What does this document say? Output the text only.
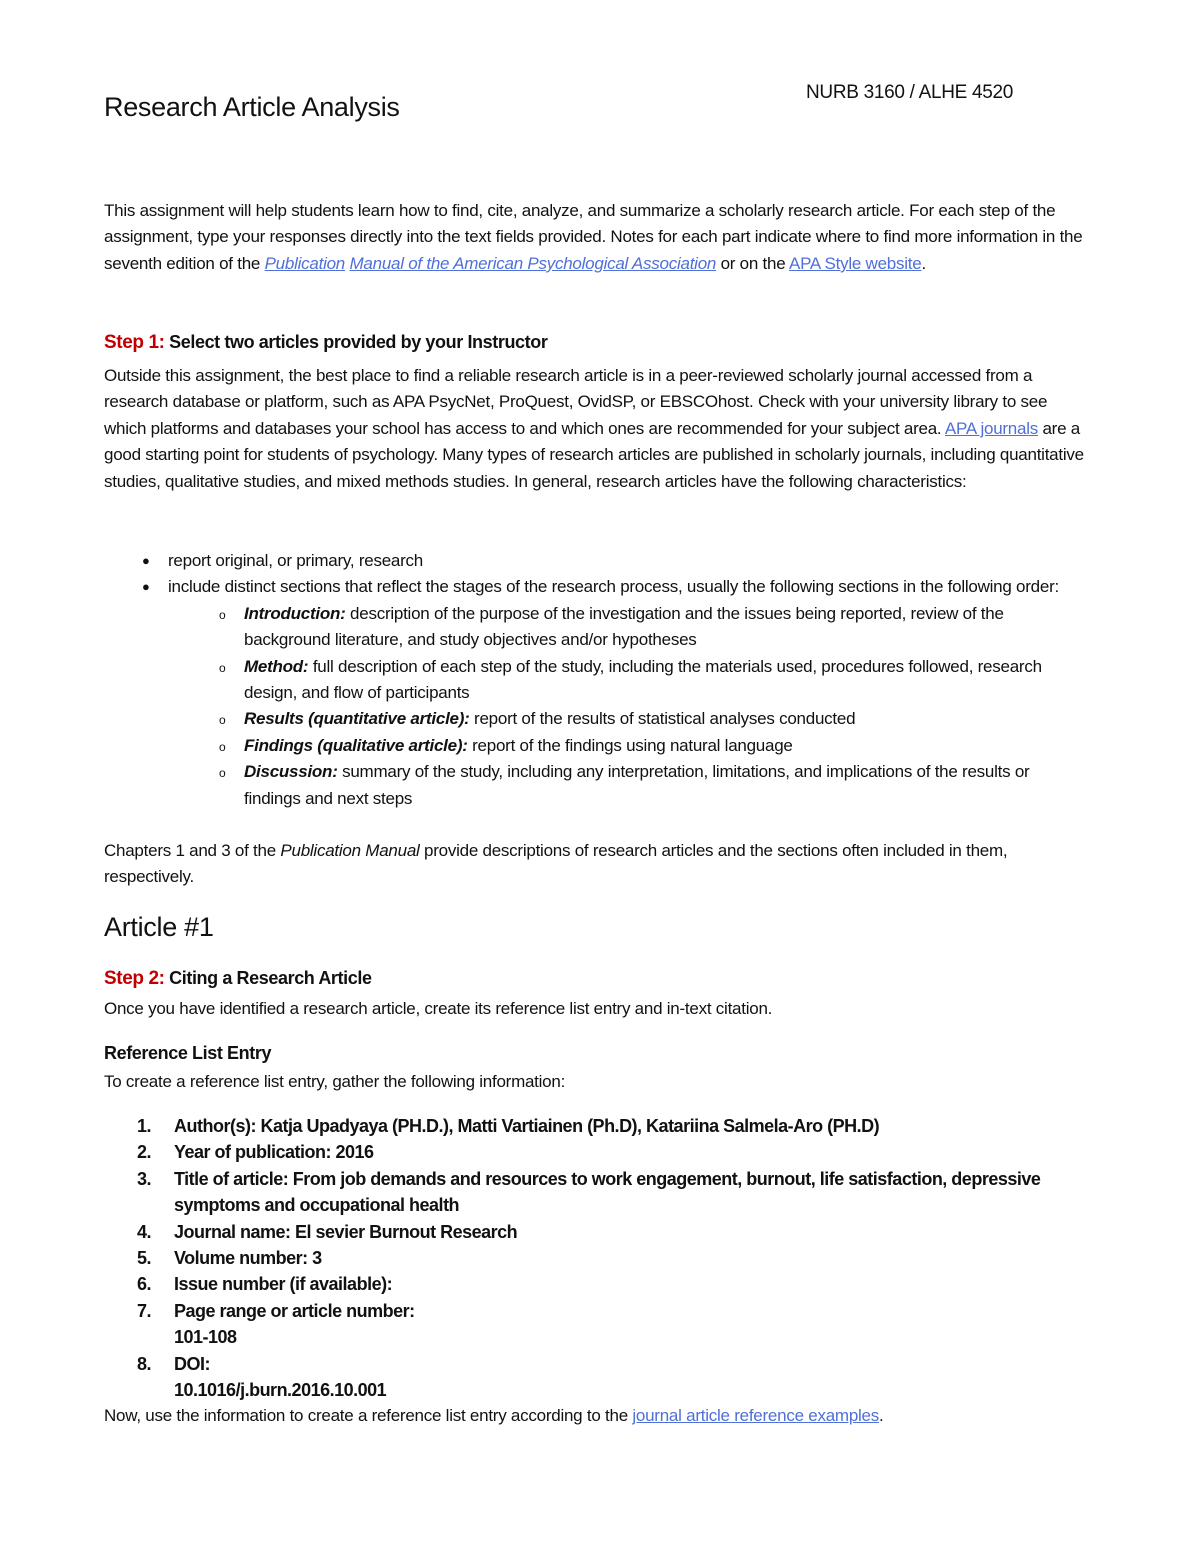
Research Article Analysis	NURB 3160 / ALHE 4520

This assignment will help students learn how to find, cite, analyze, and summarize a scholarly research article. For each step of the assignment, type your responses directly into the text fields provided. Notes for each part indicate where to find more information in the seventh edition of the Publication Manual of the American Psychological Association or on the APA Style website.

Step 1: Select two articles provided by your Instructor

Outside this assignment, the best place to find a reliable research article is in a peer-reviewed scholarly journal accessed from a research database or platform, such as APA PsycNet, ProQuest, OvidSP, or EBSCOhost. Check with your university library to see which platforms and databases your school has access to and which ones are recommended for your subject area. APA journals are a good starting point for students of psychology. Many types of research articles are published in scholarly journals, including quantitative studies, qualitative studies, and mixed methods studies. In general, research articles have the following characteristics:

● report original, or primary, research
● include distinct sections that reflect the stages of the research process, usually the following sections in the following order:
o Introduction: description of the purpose of the investigation and the issues being reported, review of the background literature, and study objectives and/or hypotheses
o Method: full description of each step of the study, including the materials used, procedures followed, research design, and flow of participants
o Results (quantitative article): report of the results of statistical analyses conducted
o Findings (qualitative article): report of the findings using natural language
o Discussion: summary of the study, including any interpretation, limitations, and implications of the results or findings and next steps

Chapters 1 and 3 of the Publication Manual provide descriptions of research articles and the sections often included in them, respectively.

Article #1
Step 2: Citing a Research Article

Once you have identified a research article, create its reference list entry and in-text citation.

Reference List Entry

To create a reference list entry, gather the following information:

1. Author(s): Katja Upadyaya (PH.D.), Matti Vartiainen (Ph.D), Katariina Salmela-Aro (PH.D)
2. Year of publication: 2016
3. Title of article: From job demands and resources to work engagement, burnout, life satisfaction, depressive symptoms and occupational health
4. Journal name: El sevier Burnout Research
5. Volume number: 3
6. Issue number (if available):
7. Page range or article number:
101-108
8. DOI:
10.1016/j.burn.2016.10.001

Now, use the information to create a reference list entry according to the journal article reference examples.
